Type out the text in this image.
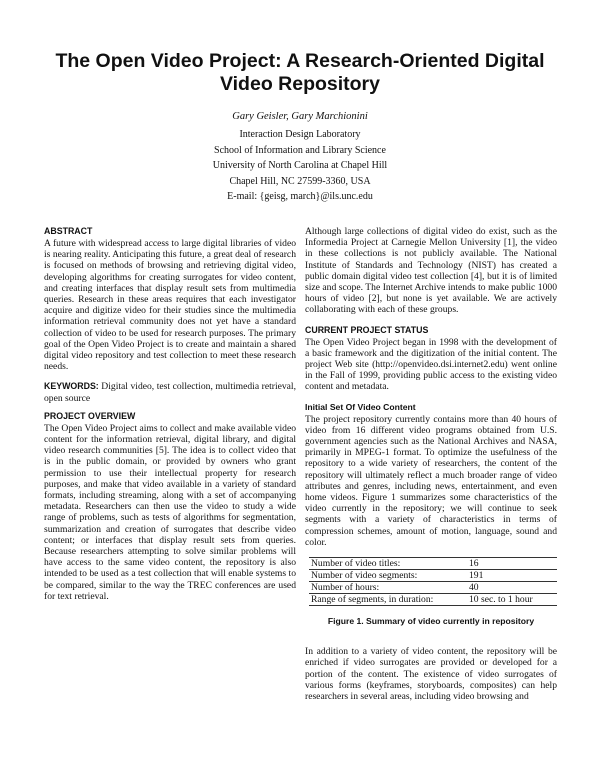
The Open Video Project: A Research-Oriented Digital Video Repository

Gary Geisler, Gary Marchionini

Interaction Design Laboratory
School of Information and Library Science
University of North Carolina at Chapel Hill
Chapel Hill, NC 27599-3360, USA
E-mail: {geisg, march}@ils.unc.edu
ABSTRACT

A future with widespread access to large digital libraries of video is nearing reality. Anticipating this future, a great deal of research is focused on methods of browsing and retrieving digital video, developing algorithms for creating surrogates for video content, and creating interfaces that display result sets from multimedia queries. Research in these areas requires that each investigator acquire and digitize video for their studies since the multimedia information retrieval community does not yet have a standard collection of video to be used for research purposes. The primary goal of the Open Video Project is to create and maintain a shared digital video repository and test collection to meet these research needs.

KEYWORDS: Digital video, test collection, multimedia retrieval, open source

PROJECT OVERVIEW

The Open Video Project aims to collect and make available video content for the information retrieval, digital library, and digital video research communities [5]. The idea is to collect video that is in the public domain, or provided by owners who grant permission to use their intellectual property for research purposes, and make that video available in a variety of standard formats, including streaming, along with a set of accompanying metadata. Researchers can then use the video to study a wide range of problems, such as tests of algorithms for segmentation, summarization and creation of surrogates that describe video content; or interfaces that display result sets from queries. Because researchers attempting to solve similar problems will have access to the same video content, the repository is also intended to be used as a test collection that will enable systems to be compared, similar to the way the TREC conferences are used for text retrieval.

Although large collections of digital video do exist, such as the Informedia Project at Carnegie Mellon University [1], the video in these collections is not publicly available. The National Institute of Standards and Technology (NIST) has created a public domain digital video test collection [4], but it is of limited size and scope. The Internet Archive intends to make public 1000 hours of video [2], but none is yet available. We are actively collaborating with each of these groups.

CURRENT PROJECT STATUS

The Open Video Project began in 1998 with the development of a basic framework and the digitization of the initial content. The project Web site (http://openvideo.dsi.internet2.edu) went online in the Fall of 1999, providing public access to the existing video content and metadata.

Initial Set Of Video Content

The project repository currently contains more than 40 hours of video from 16 different video programs obtained from U.S. government agencies such as the National Archives and NASA, primarily in MPEG-1 format. To optimize the usefulness of the repository to a wide variety of researchers, the content of the repository will ultimately reflect a much broader range of video attributes and genres, including news, entertainment, and even home videos. Figure 1 summarizes some characteristics of the video currently in the repository; we will continue to seek segments with a variety of characteristics in terms of compression schemes, amount of motion, language, sound and color.

Number of video titles:	16
Number of video segments:	191
Number of hours:	40
Range of segments, in duration:	10 sec. to 1 hour
Figure 1. Summary of video currently in repository

In addition to a variety of video content, the repository will be enriched if video surrogates are provided or developed for a portion of the content. The existence of video surrogates of various forms (keyframes, storyboards, composites) can help researchers in several areas, including video browsing and
